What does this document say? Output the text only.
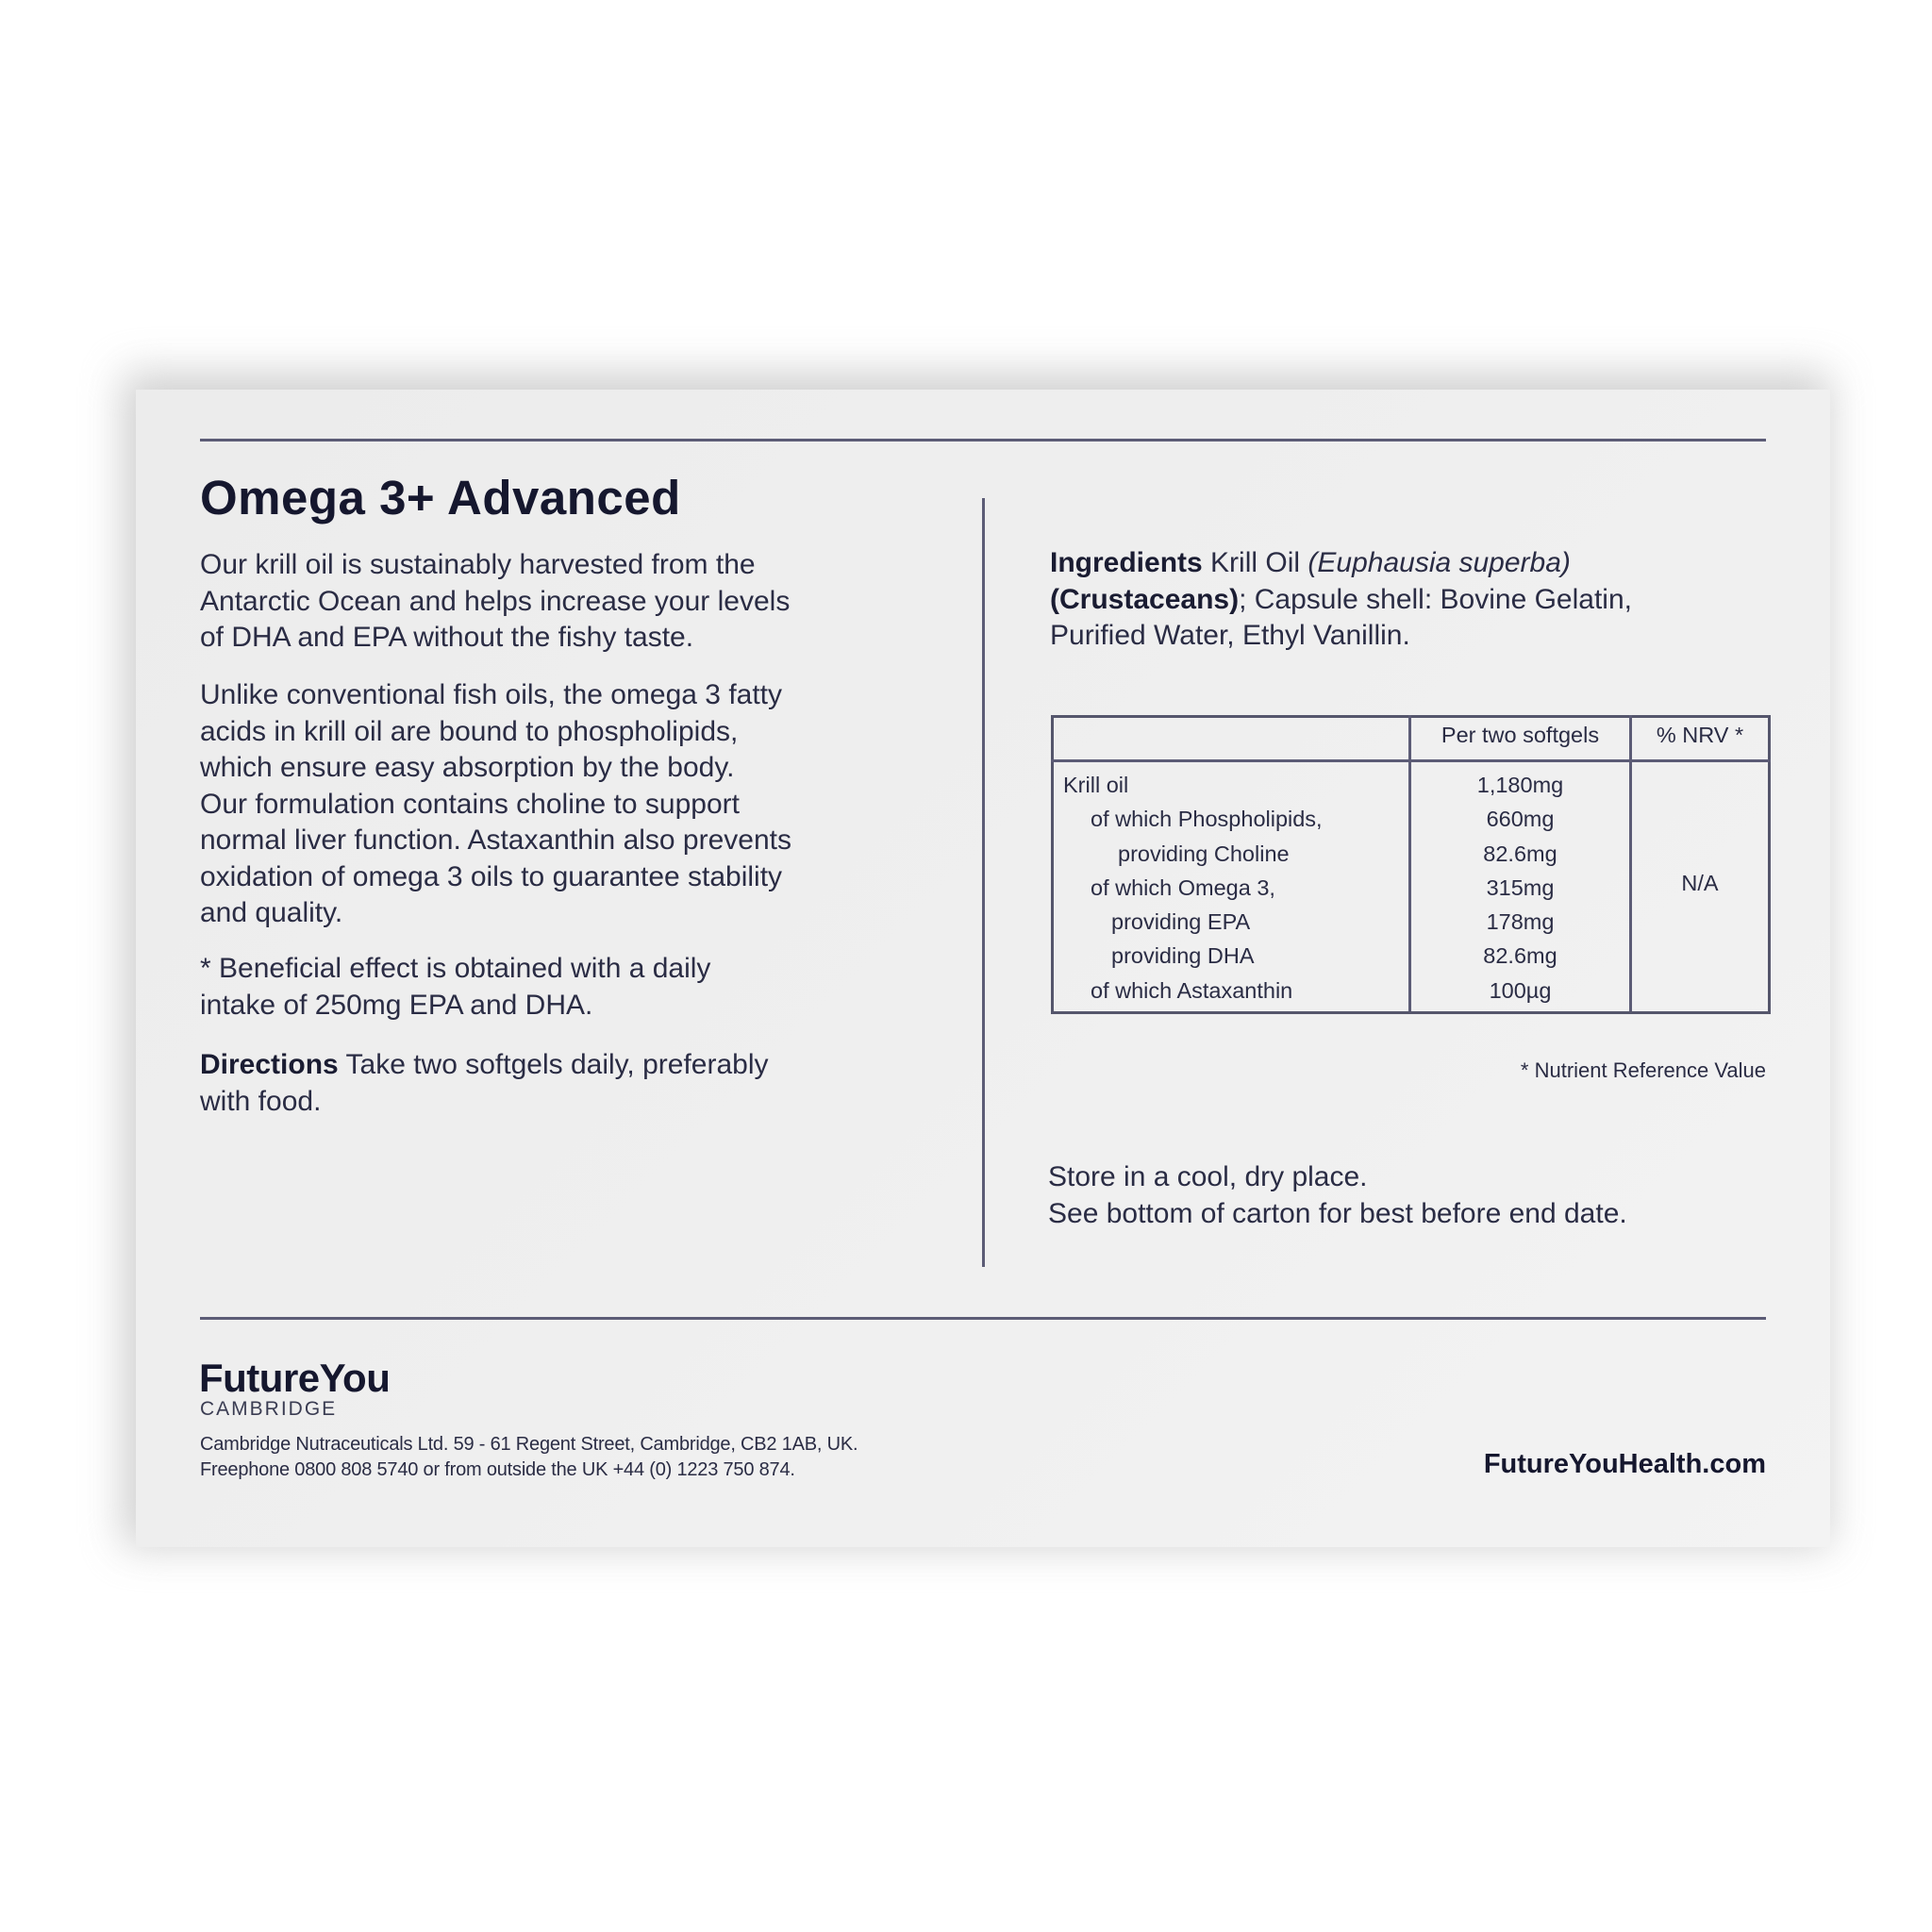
Omega 3+ Advanced
Our krill oil is sustainably harvested from the
Antarctic Ocean and helps increase your levels
of DHA and EPA without the fishy taste.
Unlike conventional fish oils, the omega 3 fatty
acids in krill oil are bound to phospholipids,
which ensure easy absorption by the body.
Our formulation contains choline to support
normal liver function. Astaxanthin also prevents
oxidation of omega 3 oils to guarantee stability
and quality.
* Beneficial effect is obtained with a daily
intake of 250mg EPA and DHA.
Directions Take two softgels daily, preferably
with food.
Ingredients Krill Oil (Euphausia superba)
(Crustaceans); Capsule shell: Bovine Gelatin,
Purified Water, Ethyl Vanillin.
Per two softgels	% NRV *
Krill oil
of which Phospholipids,
providing Choline
of which Omega 3,
providing EPA
providing DHA
of which Astaxanthin
1,180mg
660mg
82.6mg
315mg
178mg
82.6mg
100µg
N/A
* Nutrient Reference Value
Store in a cool, dry place.
See bottom of carton for best before end date.
FutureYou
CAMBRIDGE
Cambridge Nutraceuticals Ltd. 59 - 61 Regent Street, Cambridge, CB2 1AB, UK.
Freephone 0800 808 5740 or from outside the UK +44 (0) 1223 750 874.	FutureYouHealth.com
